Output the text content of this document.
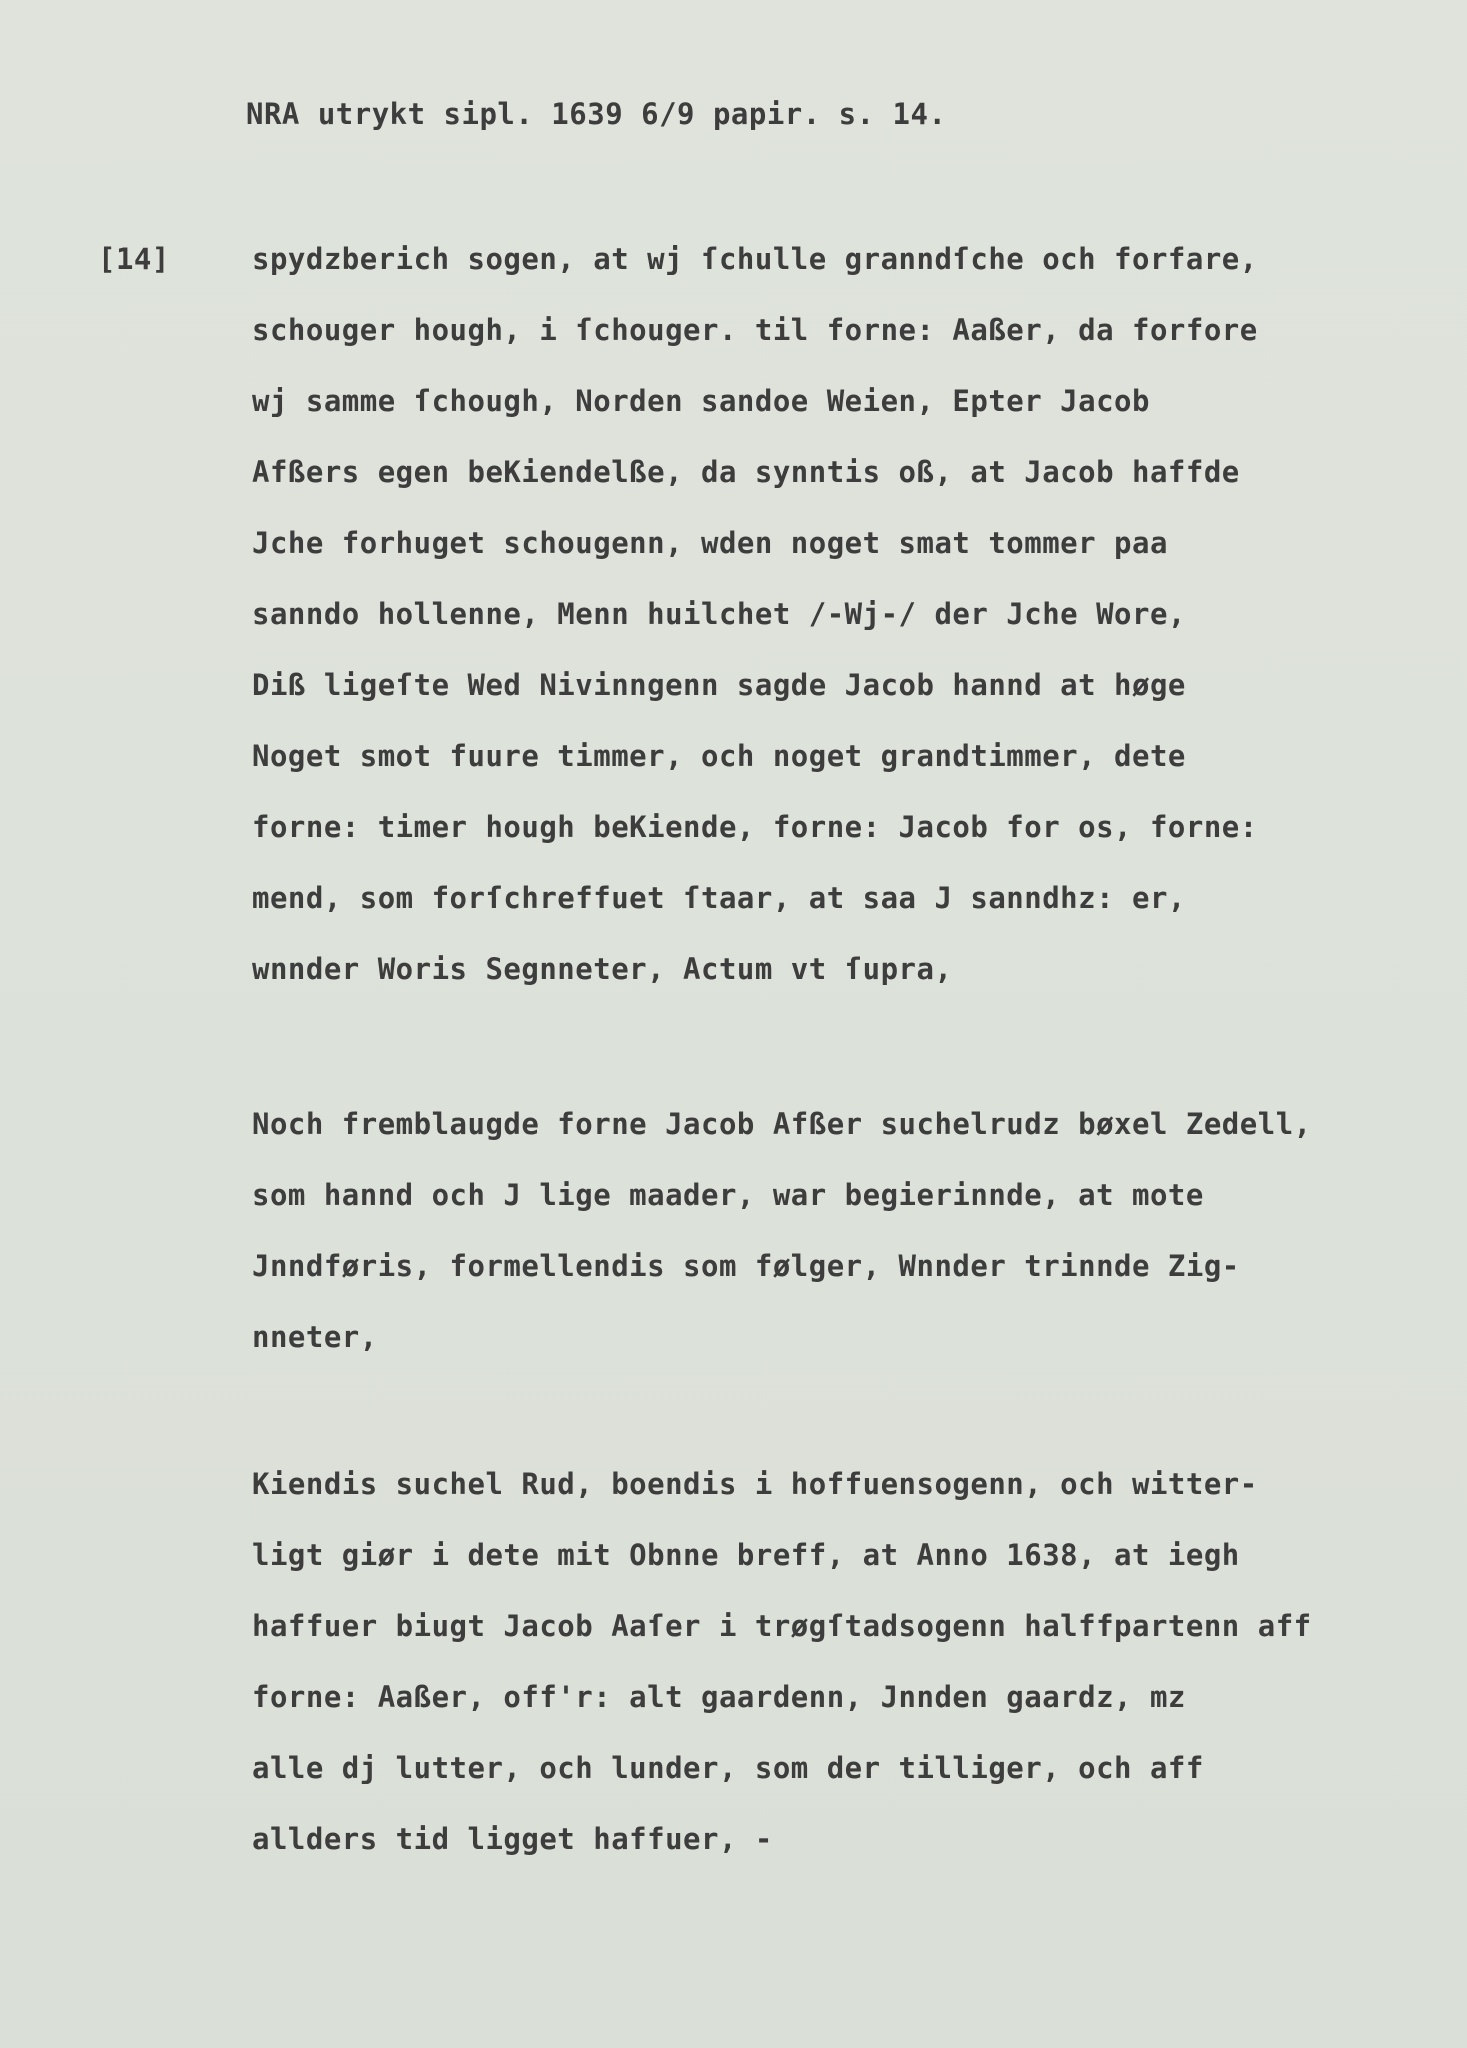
NRA utrykt sipl. 1639 6/9 papir. s. 14.

[14]	spydzberich sogen, at wj ſchulle granndſche och forfare,

schouger hough, i ſchouger. til forne: Aaßer, da forfore

wj samme ſchough, Norden sandoe Weien, Epter Jacob

Afßers egen beKiendelße, da synntis oß, at Jacob haffde

Jche forhuget schougenn, wden noget smat tommer paa

sanndo hollenne, Menn huilchet /-Wj-/ der Jche Wore,

Diß ligeſte Wed Nivinngenn sagde Jacob hannd at høge

Noget smot fuure timmer, och noget grandtimmer, dete

forne: timer hough beKiende, forne: Jacob for os, forne:

mend, som forſchreffuet ſtaar, at saa J sanndhz: er,

wnnder Woris Segnneter, Actum vt ſupra,

Noch fremblaugde forne Jacob Afßer suchelrudz bøxel Zedell,

som hannd och J lige maader, war begierinnde, at mote

Jnndføris, formellendis som følger, Wnnder trinnde Zig-

nneter,

Kiendis suchel Rud, boendis i hoffuensogenn, och witter-

ligt giør i dete mit Obnne breff, at Anno 1638, at iegh

haffuer biugt Jacob Aaſer i trøgſtadsogenn halffpartenn aff

forne: Aaßer, off'r: alt gaardenn, Jnnden gaardz, mz

alle dj lutter, och lunder, som der tilliger, och aff

allders tid ligget haffuer, -
